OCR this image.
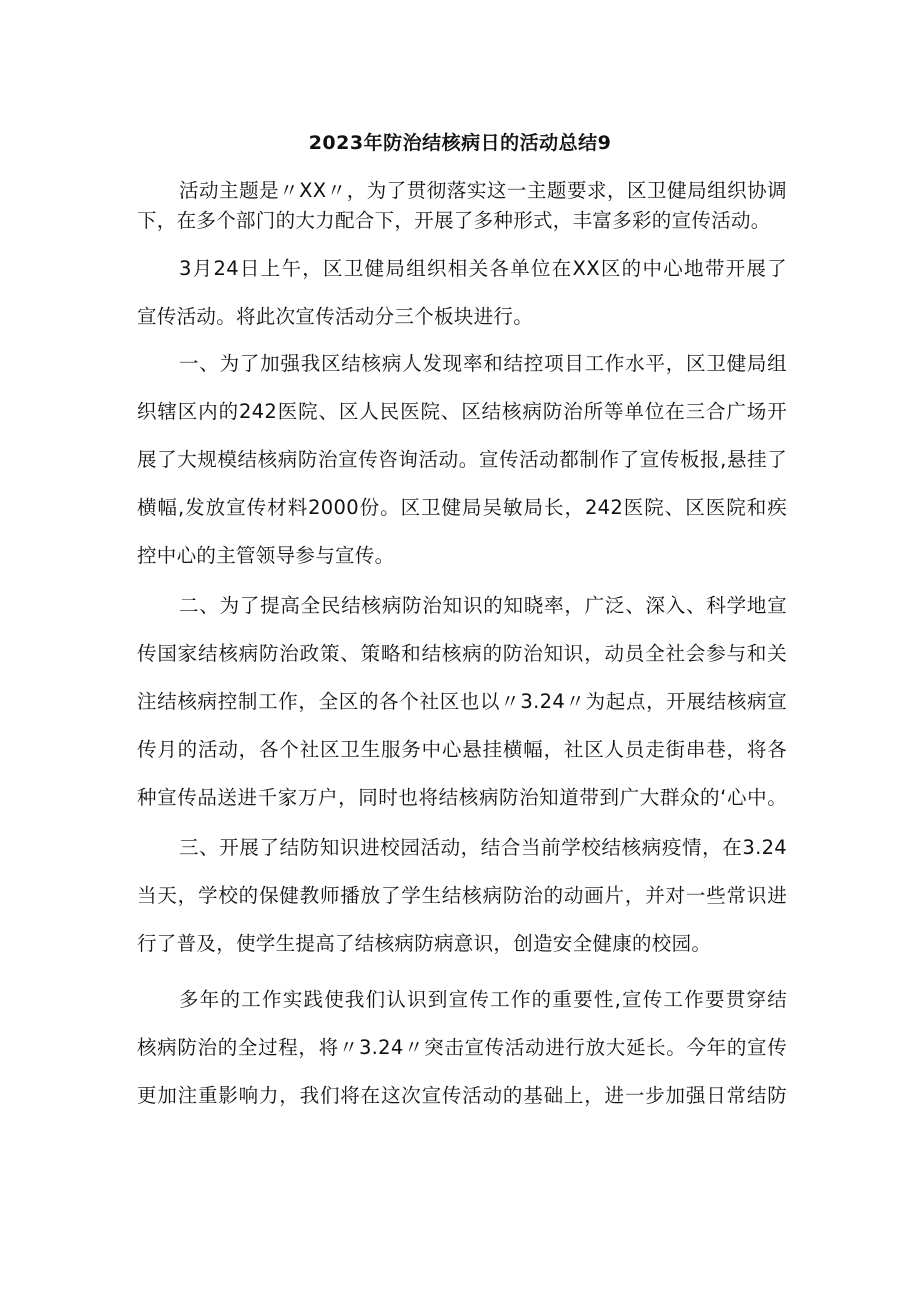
2023年防治结核病日的活动总结9
活动主题是〃XX〃，为了贯彻落实这一主题要求，区卫健局组织协调
下，在多个部门的大力配合下，开展了多种形式，丰富多彩的宣传活动。
3月24日上午，区卫健局组织相关各单位在XX区的中心地带开展了
宣传活动。将此次宣传活动分三个板块进行。
一、为了加强我区结核病人发现率和结控项目工作水平，区卫健局组
织辖区内的242医院、区人民医院、区结核病防治所等单位在三合广场开
展了大规模结核病防治宣传咨询活动。宣传活动都制作了宣传板报,悬挂了
横幅,发放宣传材料2000份。区卫健局吴敏局长，242医院、区医院和疾
控中心的主管领导参与宣传。
二、为了提高全民结核病防治知识的知晓率，广泛、深入、科学地宣
传国家结核病防治政策、策略和结核病的防治知识，动员全社会参与和关
注结核病控制工作，全区的各个社区也以〃3.24〃为起点，开展结核病宣
传月的活动，各个社区卫生服务中心悬挂横幅，社区人员走街串巷，将各
种宣传品送进千家万户，同时也将结核病防治知道带到广大群众的‘心中。
三、开展了结防知识进校园活动，结合当前学校结核病疫情，在3.24
当天，学校的保健教师播放了学生结核病防治的动画片，并对一些常识进
行了普及，使学生提高了结核病防病意识，创造安全健康的校园。
多年的工作实践使我们认识到宣传工作的重要性,宣传工作要贯穿结
核病防治的全过程，将〃3.24〃突击宣传活动进行放大延长。今年的宣传
更加注重影响力，我们将在这次宣传活动的基础上，进一步加强日常结防
